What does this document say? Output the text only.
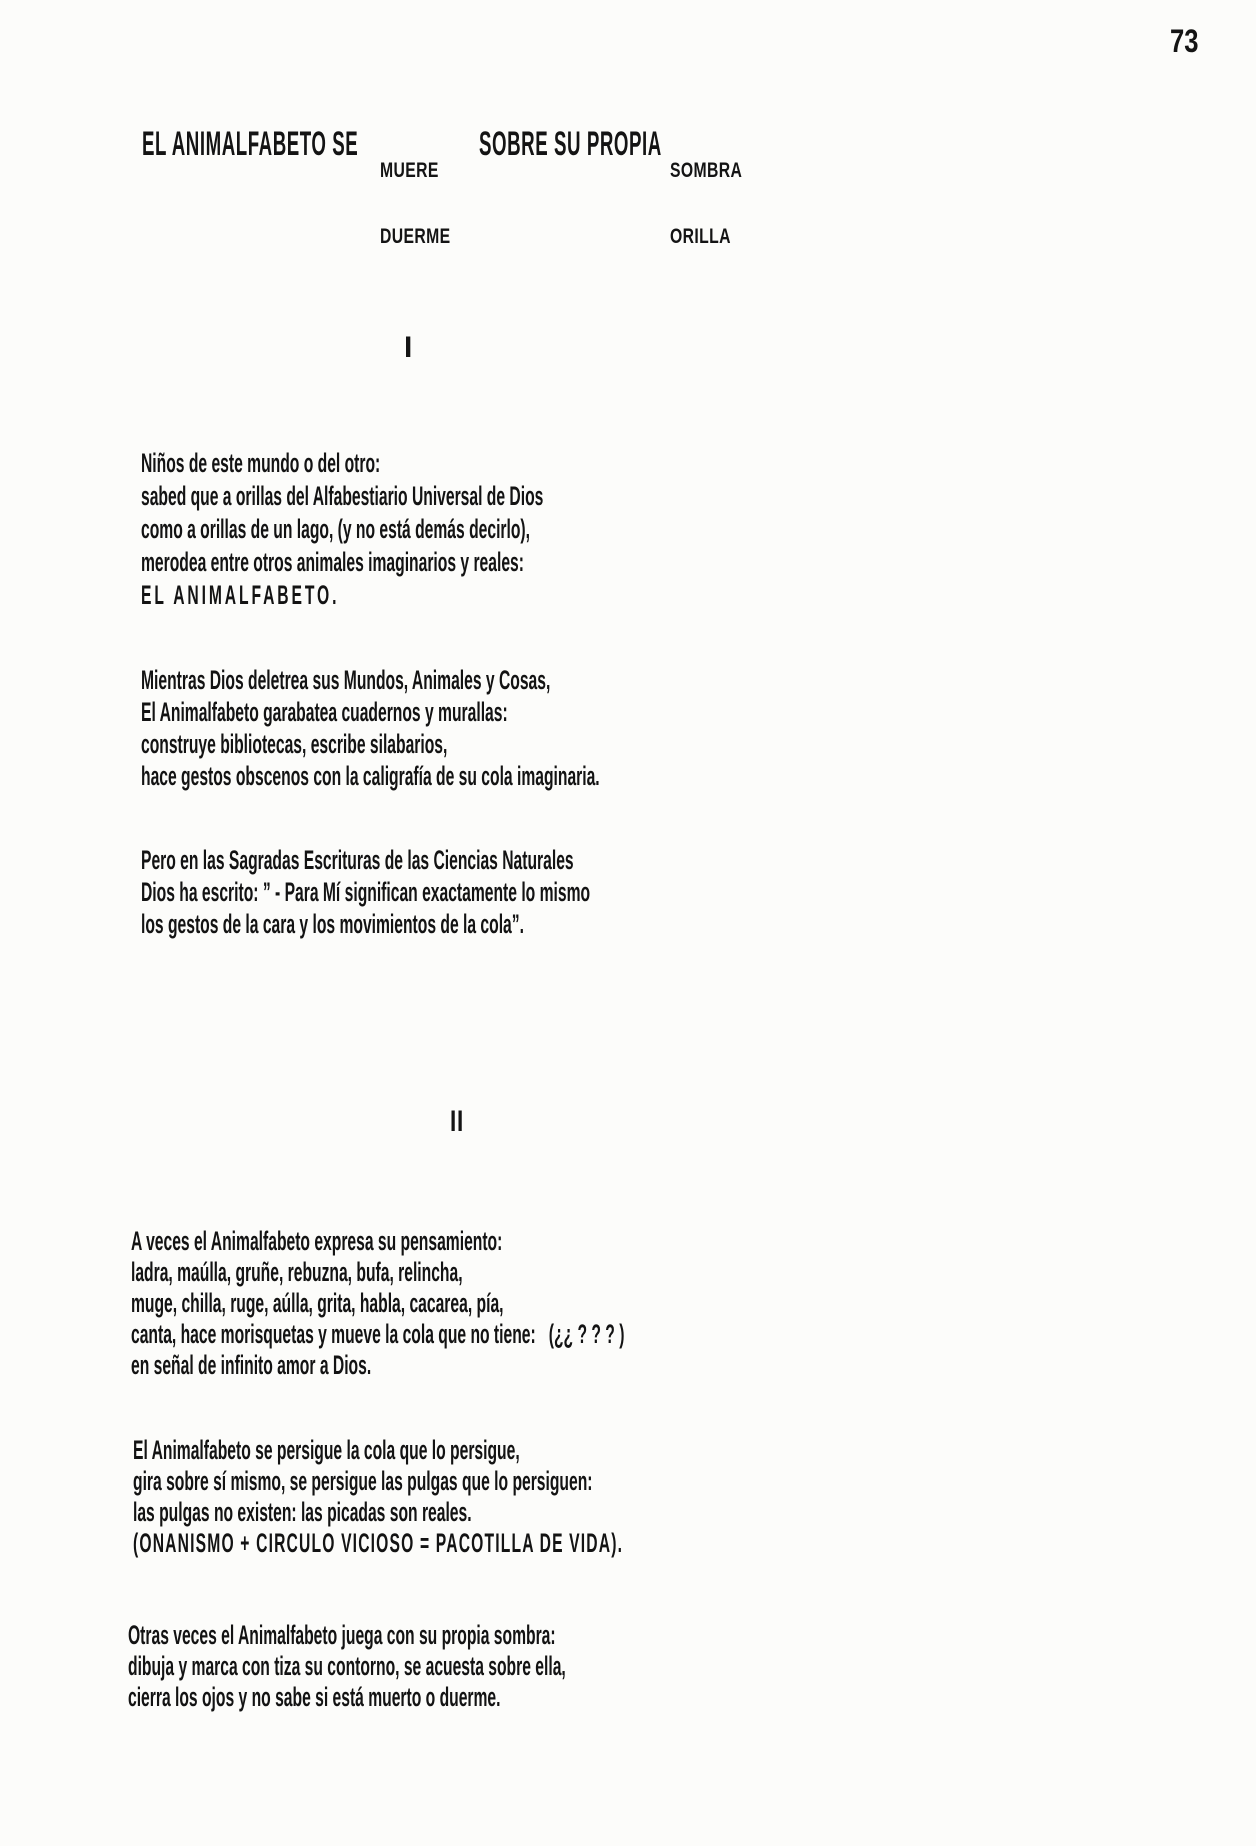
73
EL ANIMALFABETO SE

MUERE

DUERME

SOBRE SU PROPIA

SOMBRA

ORILLA

I
Niños de este mundo o del otro:
sabed que a orillas del Alfabestiario Universal de Dios
como a orillas de un lago, (y no está demás decirlo),
merodea entre otros animales imaginarios y reales:
EL ANIMALFABETO.
Mientras Dios deletrea sus Mundos, Animales y Cosas,
El Animalfabeto garabatea cuadernos y murallas:
construye bibliotecas, escribe silabarios,
hace gestos obscenos con la caligrafía de su cola imaginaria.
Pero en las Sagradas Escrituras de las Ciencias Naturales
Dios ha escrito: ” - Para Mí significan exactamente lo mismo
los gestos de la cara y los movimientos de la cola”.
II
A veces el Animalfabeto expresa su pensamiento:
ladra, maúlla, gruñe, rebuzna, bufa, relincha,
muge, chilla, ruge, aúlla, grita, habla, cacarea, pía,
canta, hace morisquetas y mueve la cola que no tiene:   (¿¿ ? ? ? )
en señal de infinito amor a Dios.
El Animalfabeto se persigue la cola que lo persigue,
gira sobre sí mismo, se persigue las pulgas que lo persiguen:
las pulgas no existen: las picadas son reales.
(ONANISMO + CIRCULO VICIOSO = PACOTILLA DE VIDA).
Otras veces el Animalfabeto juega con su propia sombra:
dibuja y marca con tiza su contorno, se acuesta sobre ella,
cierra los ojos y no sabe si está muerto o duerme.
